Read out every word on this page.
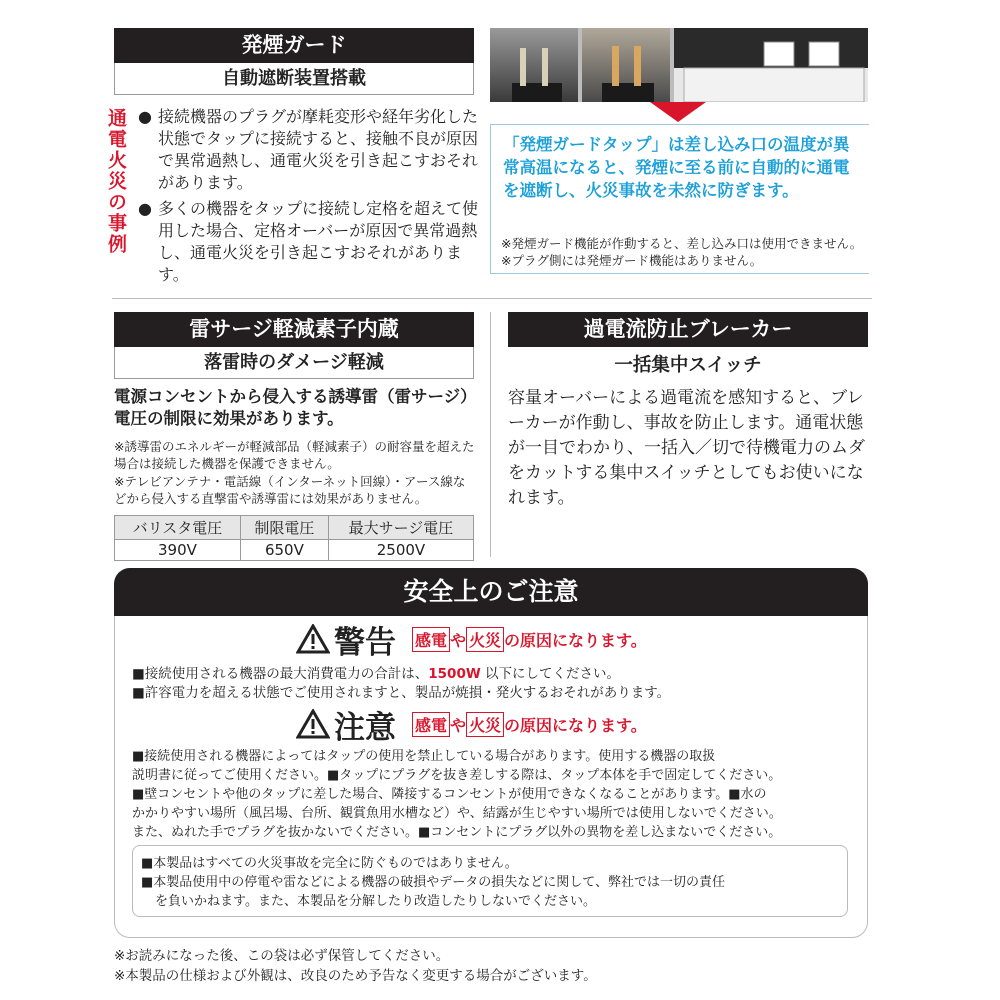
発煙ガード
自動遮断装置搭載
通電火災の事例 ● 接続機器のプラグが摩耗変形や経年劣化した状態でタップに接続すると、接触不良が原因で異常過熱し、通電火災を引き起こすおそれがあります。
● 多くの機器をタップに接続し定格を超えて使用した場合、定格オーバーが原因で異常過熱し、通電火災を引き起こすおそれがあります。
「発煙ガードタップ」は差し込み口の温度が異常高温になると、発煙に至る前に自動的に通電を遮断し、火災事故を未然に防ぎます。
※発煙ガード機能が作動すると、差し込み口は使用できません。
※プラグ側には発煙ガード機能はありません。
雷サージ軽減素子内蔵
落雷時のダメージ軽減
電源コンセントから侵入する誘導雷（雷サージ）電圧の制限に効果があります。
※誘導雷のエネルギーが軽減部品（軽減素子）の耐容量を超えた場合は接続した機器を保護できません。
※テレビアンテナ・電話線（インターネット回線）・アース線などから侵入する直撃雷や誘導雷には効果がありません。
バリスタ電圧	制限電圧	最大サージ電圧
390V	650V	2500V
過電流防止ブレーカー
一括集中スイッチ
容量オーバーによる過電流を感知すると、ブレーカーが作動し、事故を防止します。通電状態が一目でわかり、一括入／切で待機電力のムダをカットする集中スイッチとしてもお使いになれます。
安全上のご注意
警告 感電 や 火災 の原因になります。
■接続使用される機器の最大消費電力の合計は、1500W 以下にしてください。
■許容電力を超える状態でご使用されますと、製品が焼損・発火するおそれがあります。
注意 感電 や 火災 の原因になります。
■接続使用される機器によってはタップの使用を禁止している場合があります。使用する機器の取扱
説明書に従ってご使用ください。■タップにプラグを抜き差しする際は、タップ本体を手で固定してください。
■壁コンセントや他のタップに差した場合、隣接するコンセントが使用できなくなることがあります。■水の
かかりやすい場所（風呂場、台所、観賞魚用水槽など）や、結露が生じやすい場所では使用しないでください。
また、ぬれた手でプラグを抜かないでください。■コンセントにプラグ以外の異物を差し込まないでください。
■本製品はすべての火災事故を完全に防ぐものではありません。
■本製品使用中の停電や雷などによる機器の破損やデータの損失などに関して、弊社では一切の責任
を負いかねます。また、本製品を分解したり改造したりしないでください。
※お読みになった後、この袋は必ず保管してください。
※本製品の仕様および外観は、改良のため予告なく変更する場合がございます。
